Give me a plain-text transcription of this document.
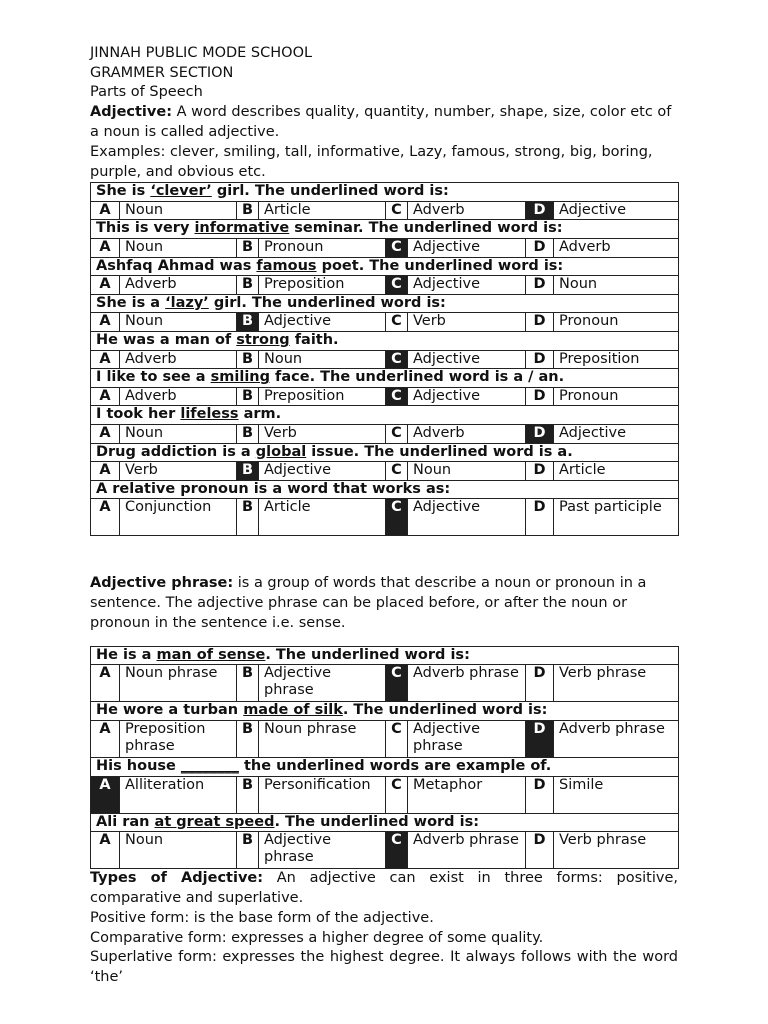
JINNAH PUBLIC MODE SCHOOL

GRAMMER SECTION

Parts of Speech

Adjective: A word describes quality, quantity, number, shape, size, color etc of a noun is called adjective.

Examples: clever, smiling, tall, informative, Lazy, famous, strong, big, boring, purple, and obvious etc.

She is ‘clever’ girl. The underlined word is:							
A	Noun	B	Article	C	Adverb	D	Adjective
This is very informative seminar. The underlined word is:							
A	Noun	B	Pronoun	C	Adjective	D	Adverb
Ashfaq Ahmad was famous poet. The underlined word is:							
A	Adverb	B	Preposition	C	Adjective	D	Noun
She is a ‘lazy’ girl. The underlined word is:							
A	Noun	B	Adjective	C	Verb	D	Pronoun
He was a man of strong faith.							
A	Adverb	B	Noun	C	Adjective	D	Preposition
I like to see a smiling face. The underlined word is a / an.							
A	Adverb	B	Preposition	C	Adjective	D	Pronoun
I took her lifeless arm.							
A	Noun	B	Verb	C	Adverb	D	Adjective
Drug addiction is a global issue. The underlined word is a.							
A	Verb	B	Adjective	C	Noun	D	Article
A relative pronoun is a word that works as:							
A	Conjunction	B	Article	C	Adjective	D	Past participle

Adjective phrase: is a group of words that describe a noun or pronoun in a sentence. The adjective phrase can be placed before, or after the noun or pronoun in the sentence i.e. sense.

He is a man of sense. The underlined word is:							
A	Noun phrase	B	Adjective phrase	C	Adverb phrase	D	Verb phrase
He wore a turban made of silk. The underlined word is:							
A	Preposition phrase	B	Noun phrase	C	Adjective phrase	D	Adverb phrase
His house ________ the underlined words are example of.							
A	Alliteration	B	Personification	C	Metaphor	D	Simile
Ali ran at great speed. The underlined word is:							
A	Noun	B	Adjective phrase	C	Adverb phrase	D	Verb phrase

Types of Adjective: An adjective can exist in three forms: positive, comparative and superlative.

Positive form: is the base form of the adjective.

Comparative form: expresses a higher degree of some quality.

Superlative form: expresses the highest degree. It always follows with the word ‘the’
